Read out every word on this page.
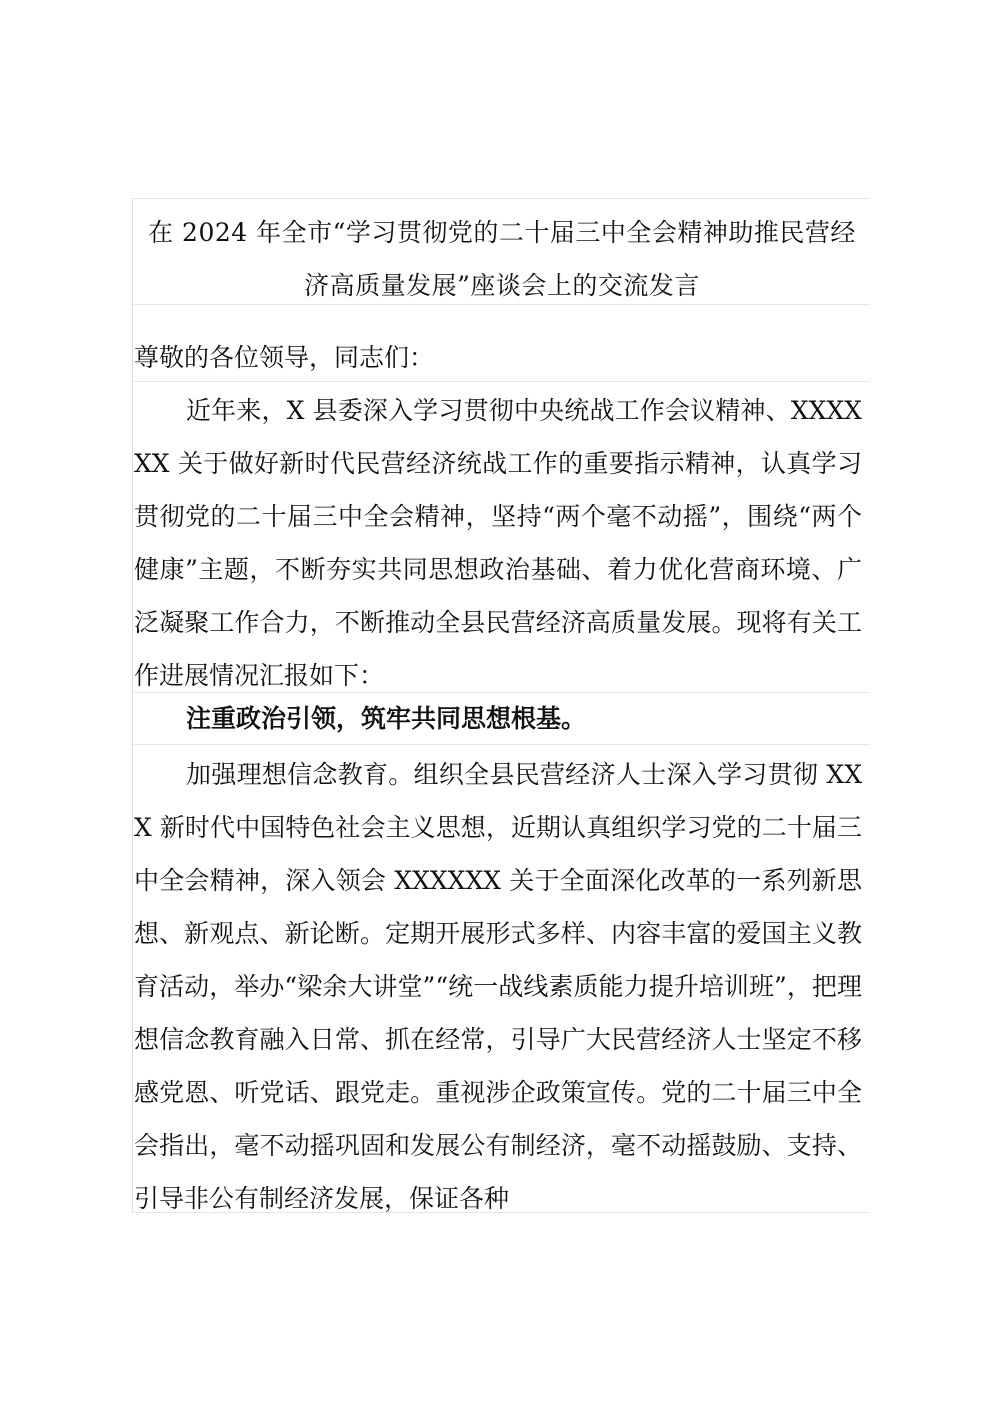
在 2024 年全市“学习贯彻党的二十届三中全会精神助推民营经
济高质量发展”座谈会上的交流发言

尊敬的各位领导，同志们：

近年来，X 县委深入学习贯彻中央统战工作会议精神、XXXXXX 关于做好新时代民营经济统战工作的重要指示精神，认真学习贯彻党的二十届三中全会精神，坚持“两个毫不动摇”，围绕“两个健康”主题，不断夯实共同思想政治基础、着力优化营商环境、广泛凝聚工作合力，不断推动全县民营经济高质量发展。现将有关工作进展情况汇报如下：

注重政治引领，筑牢共同思想根基。

加强理想信念教育。组织全县民营经济人士深入学习贯彻 XXX 新时代中国特色社会主义思想，近期认真组织学习党的二十届三中全会精神，深入领会 XXXXXX 关于全面深化改革的一系列新思想、新观点、新论断。定期开展形式多样、内容丰富的爱国主义教育活动，举办“梁余大讲堂”“统一战线素质能力提升培训班”，把理想信念教育融入日常、抓在经常，引导广大民营经济人士坚定不移感党恩、听党话、跟党走。重视涉企政策宣传。党的二十届三中全会指出，毫不动摇巩固和发展公有制经济，毫不动摇鼓励、支持、引导非公有制经济发展，保证各种
